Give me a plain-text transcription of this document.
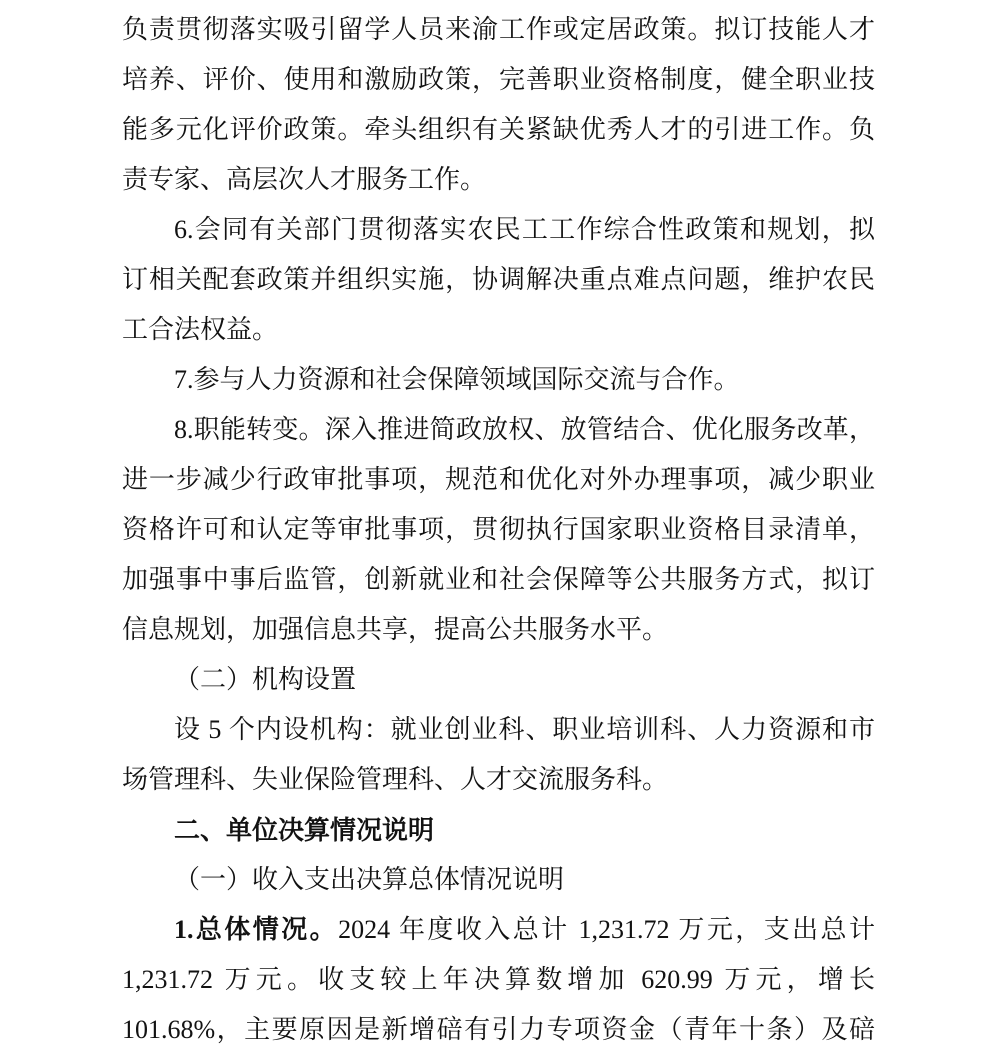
负责贯彻落实吸引留学人员来渝工作或定居政策。拟订技能人才
培养、评价、使用和激励政策，完善职业资格制度，健全职业技
能多元化评价政策。牵头组织有关紧缺优秀人才的引进工作。负
责专家、高层次人才服务工作。
6.会同有关部门贯彻落实农民工工作综合性政策和规划，拟
订相关配套政策并组织实施，协调解决重点难点问题，维护农民
工合法权益。
7.参与人力资源和社会保障领域国际交流与合作。
8.职能转变。深入推进简政放权、放管结合、优化服务改革，
进一步减少行政审批事项，规范和优化对外办理事项，减少职业
资格许可和认定等审批事项，贯彻执行国家职业资格目录清单，
加强事中事后监管，创新就业和社会保障等公共服务方式，拟订
信息规划，加强信息共享，提高公共服务水平。
（二）机构设置
设 5 个内设机构：就业创业科、职业培训科、人力资源和市
场管理科、失业保险管理科、人才交流服务科。
二、单位决算情况说明
（一）收入支出决算总体情况说明
1.总体情况。2024 年度收入总计 1,231.72 万元，支出总计
1,231.72 万元。收支较上年决算数增加 620.99 万元，增长
101.68%，主要原因是新增碚有引力专项资金（青年十条）及碚
